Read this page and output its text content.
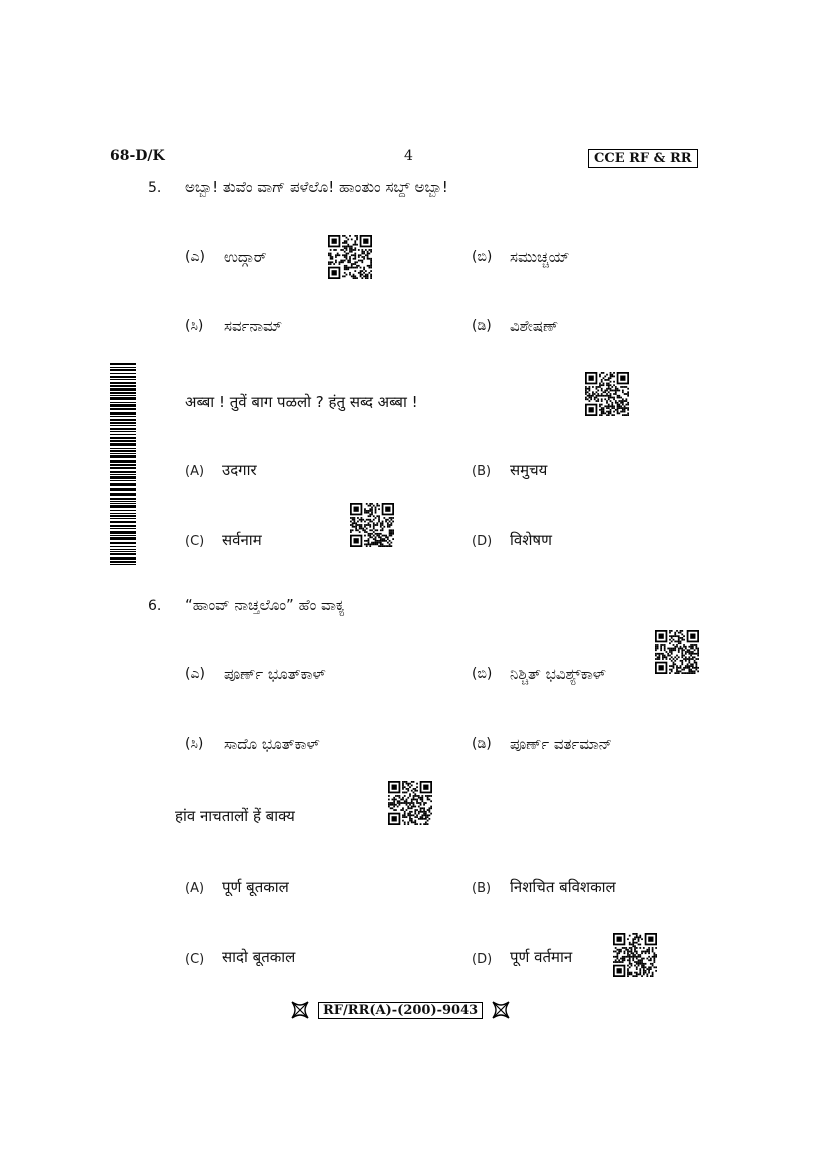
68-D/K	4	CCE RF & RR
5. ಅಬ್ಬಾ! ತುವೆಂ ವಾಗ್ ಪಳೆಲೊ! ಹಾಂತುಂ ಸಬ್ದ್ ಅಬ್ಬಾ!
(ಎ) ಉದ್ಗಾರ್	(ಬಿ) ಸಮುಚ್ಚಯ್
(ಸಿ) ಸರ್ವನಾಮ್	(ಡಿ) ವಿಶೇಷಣ್
अब्बा ! तुवें बाग पळलो ? हंतु सब्द अब्बा !
(A) उदगार	(B) समुचय
(C) सर्वनाम	(D) विशेषण
6. “ಹಾಂವ್ ನಾಚ್ತಲೊಂ” ಹೆಂ ವಾಕ್ಯ
(ಎ) ಪೂರ್ಣ್ ಭೂತ್‌ಕಾಳ್	(ಬಿ) ನಿಶ್ಚಿತ್ ಭವಿಶ್ಯ್‌ಕಾಳ್
(ಸಿ) ಸಾದೊ ಭೂತ್‌ಕಾಳ್	(ಡಿ) ಪೂರ್ಣ್ ವರ್ತಮಾನ್
हांव नाचतालों हें बाक्य
(A) पूर्ण बूतकाल	(B) निशचित बविशकाल
(C) सादो बूतकाल	(D) पूर्ण वर्तमान
RF/RR(A)-(200)-9043
